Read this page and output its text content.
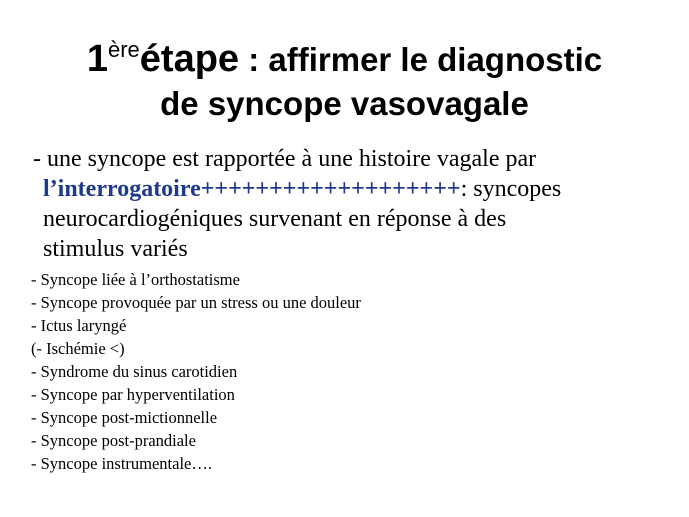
1èreétape : affirmer le diagnostic
de syncope vasovagale
- une syncope est rapportée à une histoire vagale par
l’interrogatoire+++++++++++++++++++: syncopes
neurocardiogéniques survenant en réponse à des
stimulus variés
- Syncope liée à l’orthostatisme
- Syncope provoquée par un stress ou une douleur
- Ictus laryngé
(- Ischémie <)
- Syndrome du sinus carotidien
- Syncope par hyperventilation
- Syncope post-mictionnelle
- Syncope post-prandiale
- Syncope instrumentale….
